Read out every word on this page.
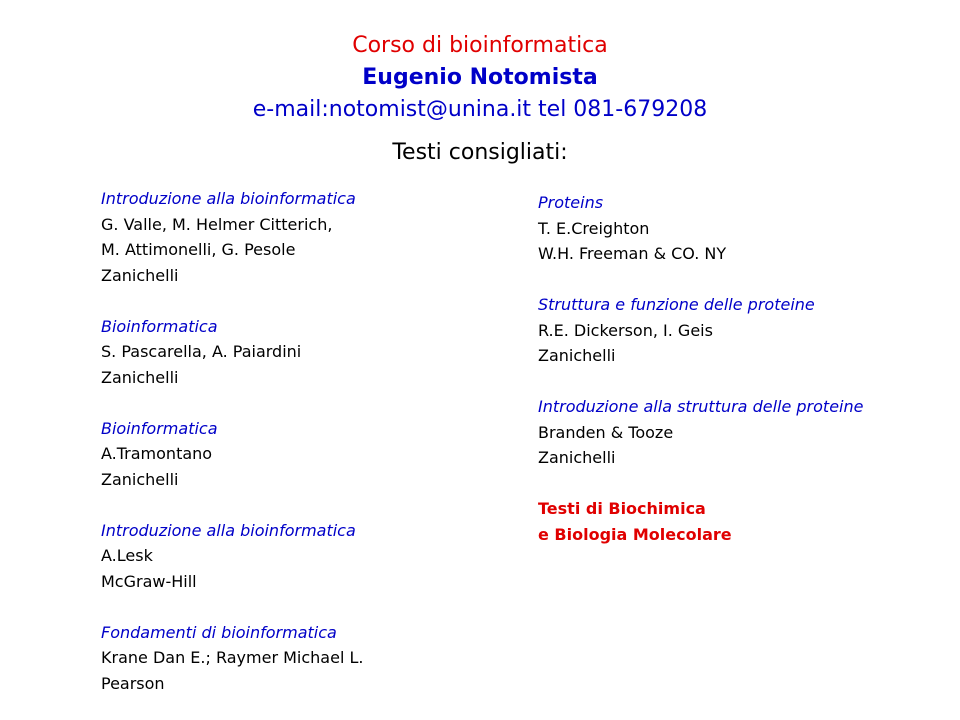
Corso di bioinformatica
Eugenio Notomista
e-mail:notomist@unina.it tel 081-679208
Testi consigliati:
Introduzione alla bioinformatica
G. Valle, M. Helmer Citterich,
M. Attimonelli, G. Pesole
Zanichelli
Bioinformatica
S. Pascarella, A. Paiardini
Zanichelli
Bioinformatica
A.Tramontano
Zanichelli
Introduzione alla bioinformatica
A.Lesk
McGraw-Hill
Fondamenti di bioinformatica
Krane Dan E.; Raymer Michael L.
Pearson
Proteins
T. E.Creighton
W.H. Freeman & CO. NY
Struttura e funzione delle proteine
R.E. Dickerson, I. Geis
Zanichelli
Introduzione alla struttura delle proteine
Branden & Tooze
Zanichelli
Testi di Biochimica
e Biologia Molecolare
